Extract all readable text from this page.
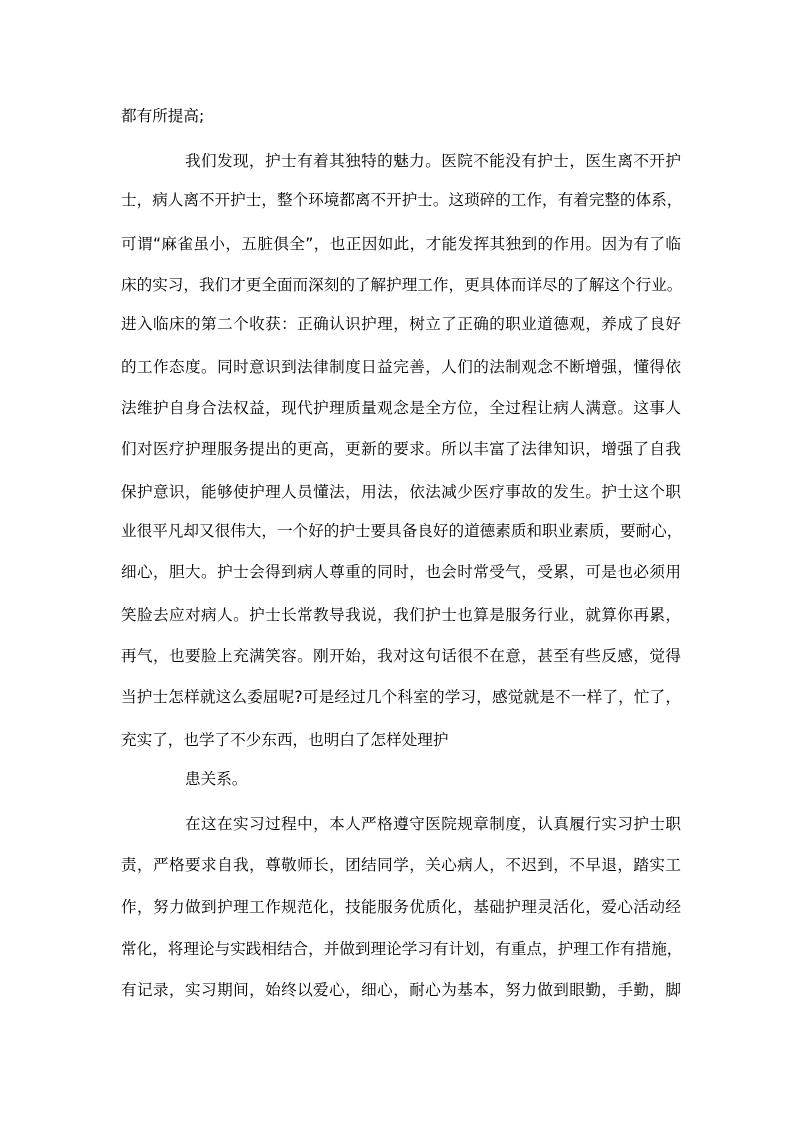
都有所提高;
我们发现，护士有着其独特的魅力。医院不能没有护士，医生离不开护
士，病人离不开护士，整个环境都离不开护士。这琐碎的工作，有着完整的体系，
可谓“麻雀虽小，五脏俱全”，也正因如此，才能发挥其独到的作用。因为有了临
床的实习，我们才更全面而深刻的了解护理工作，更具体而详尽的了解这个行业。
进入临床的第二个收获：正确认识护理，树立了正确的职业道德观，养成了良好
的工作态度。同时意识到法律制度日益完善，人们的法制观念不断增强，懂得依
法维护自身合法权益，现代护理质量观念是全方位，全过程让病人满意。这事人
们对医疗护理服务提出的更高，更新的要求。所以丰富了法律知识，增强了自我
保护意识，能够使护理人员懂法，用法，依法减少医疗事故的发生。护士这个职
业很平凡却又很伟大，一个好的护士要具备良好的道德素质和职业素质，要耐心，
细心，胆大。护士会得到病人尊重的同时，也会时常受气，受累，可是也必须用
笑脸去应对病人。护士长常教导我说，我们护士也算是服务行业，就算你再累，
再气，也要脸上充满笑容。刚开始，我对这句话很不在意，甚至有些反感，觉得
当护士怎样就这么委屈呢?可是经过几个科室的学习，感觉就是不一样了，忙了，
充实了，也学了不少东西，也明白了怎样处理护
患关系。
在这在实习过程中，本人严格遵守医院规章制度，认真履行实习护士职
责，严格要求自我，尊敬师长，团结同学，关心病人，不迟到，不早退，踏实工
作，努力做到护理工作规范化，技能服务优质化，基础护理灵活化，爱心活动经
常化，将理论与实践相结合，并做到理论学习有计划，有重点，护理工作有措施，
有记录，实习期间，始终以爱心，细心，耐心为基本，努力做到眼勤，手勤，脚
